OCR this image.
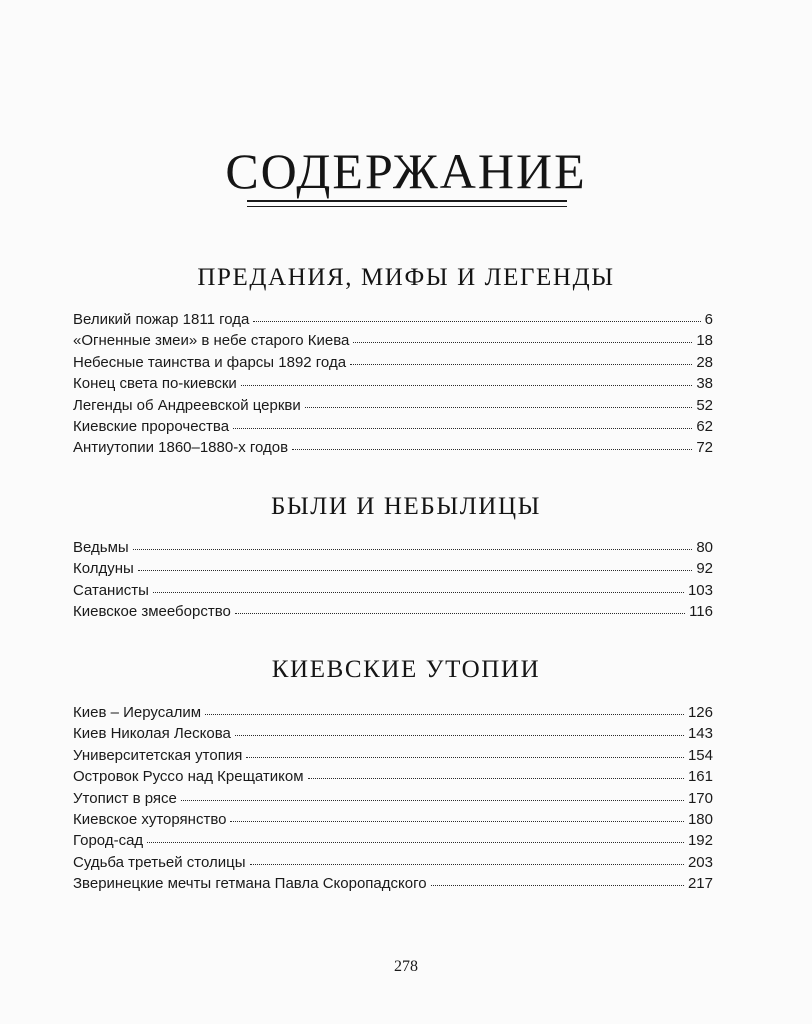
СОДЕРЖАНИЕ
ПРЕДАНИЯ, МИФЫ И ЛЕГЕНДЫ
Великий пожар 1811 года	6
«Огненные змеи» в небе старого Киева	18
Небесные таинства и фарсы 1892 года	28
Конец света по-киевски	38
Легенды об Андреевской церкви	52
Киевские пророчества	62
Антиутопии 1860–1880-х годов	72
БЫЛИ И НЕБЫЛИЦЫ
Ведьмы	80
Колдуны	92
Сатанисты	103
Киевское змееборство	116
КИЕВСКИЕ УТОПИИ
Киев – Иерусалим	126
Киев Николая Лескова	143
Университетская утопия	154
Островок Руссо над Крещатиком	161
Утопист в рясе	170
Киевское хуторянство	180
Город-сад	192
Судьба третьей столицы	203
Зверинецкие мечты гетмана Павла Скоропадского	217
278
